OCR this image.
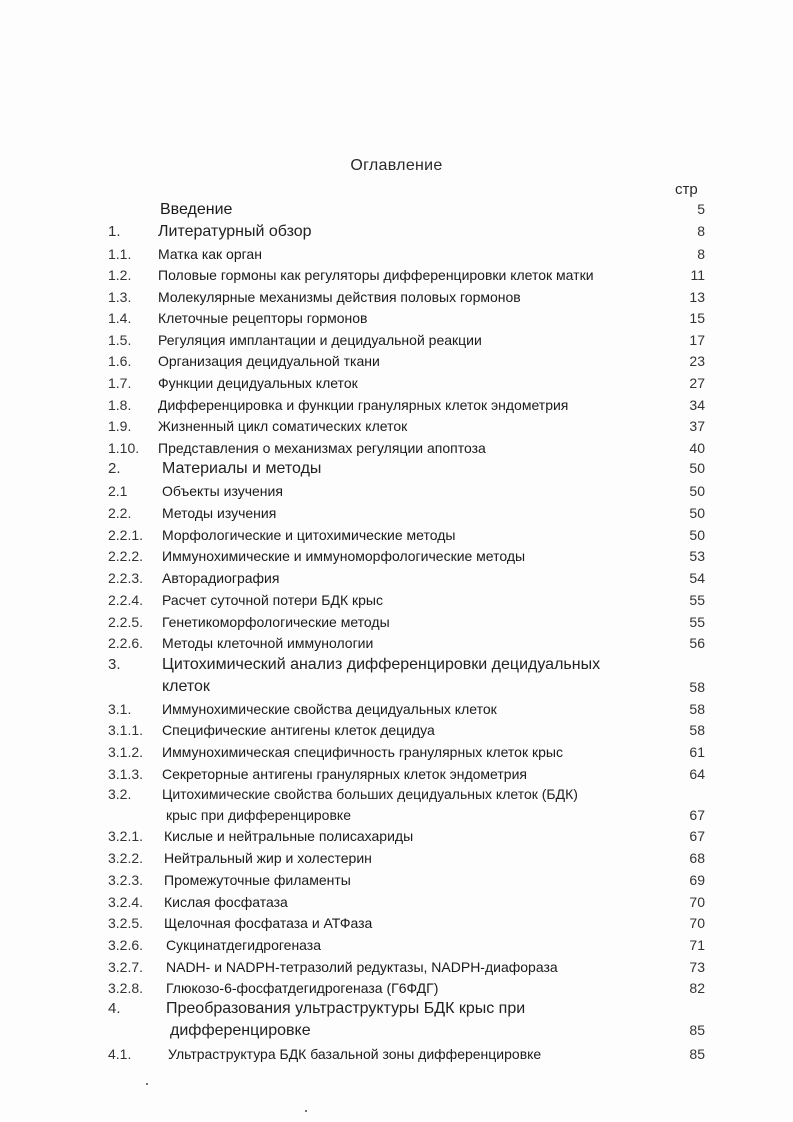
Оглавление
стр
Введение	5
1. Литературный обзор	8
1.1. Матка как орган	8
1.2. Половые гормоны как регуляторы дифференцировки клеток матки	11
1.3. Молекулярные механизмы действия половых гормонов	13
1.4. Клеточные рецепторы гормонов	15
1.5. Регуляция имплантации и децидуальной реакции	17
1.6. Организация децидуальной ткани	23
1.7. Функции децидуальных клеток	27
1.8. Дифференцировка и функции гранулярных клеток эндометрия	34
1.9. Жизненный цикл соматических клеток	37
1.10. Представления о механизмах регуляции апоптоза	40
2.	Материалы и методы	50
2.1 Объекты изучения	50
2.2. Методы изучения	50
2.2.1. Морфологические и цитохимические методы	50
2.2.2. Иммунохимические и иммуноморфологические методы	53
2.2.3. Авторадиография	54
2.2.4. Расчет суточной потери БДК крыс	55
2.2.5. Генетикоморфологические методы	55
2.2.6. Методы клеточной иммунологии	56
3.	Цитохимический анализ дифференцировки децидуальных
клеток	58
3.1. Иммунохимические свойства децидуальных клеток	58
3.1.1. Специфические антигены клеток децидуа	58
3.1.2. Иммунохимическая специфичность гранулярных клеток крыс	61
3.1.3. Секреторные антигены гранулярных клеток эндометрия	64
3.2. Цитохимические свойства больших децидуальных клеток (БДК)
крыс при дифференцировке	67
3.2.1. Кислые и нейтральные полисахариды	67
3.2.2. Нейтральный жир и холестерин	68
3.2.3. Промежуточные филаменты	69
3.2.4. Кислая фосфатаза	70
3.2.5. Щелочная фосфатаза и АТФаза	70
3.2.6. Сукцинатдегидрогеназа	71
3.2.7. NADH- и NADPH-тетразолий редуктазы, NADPH-диафораза	73
3.2.8. Глюкозо-6-фосфатдегидрогеназа (Г6ФДГ)	82
4.	Преобразования ультраструктуры БДК крыс при
дифференцировке	85
4.1.	Ультраструктура БДК базальной зоны дифференцировке	85
